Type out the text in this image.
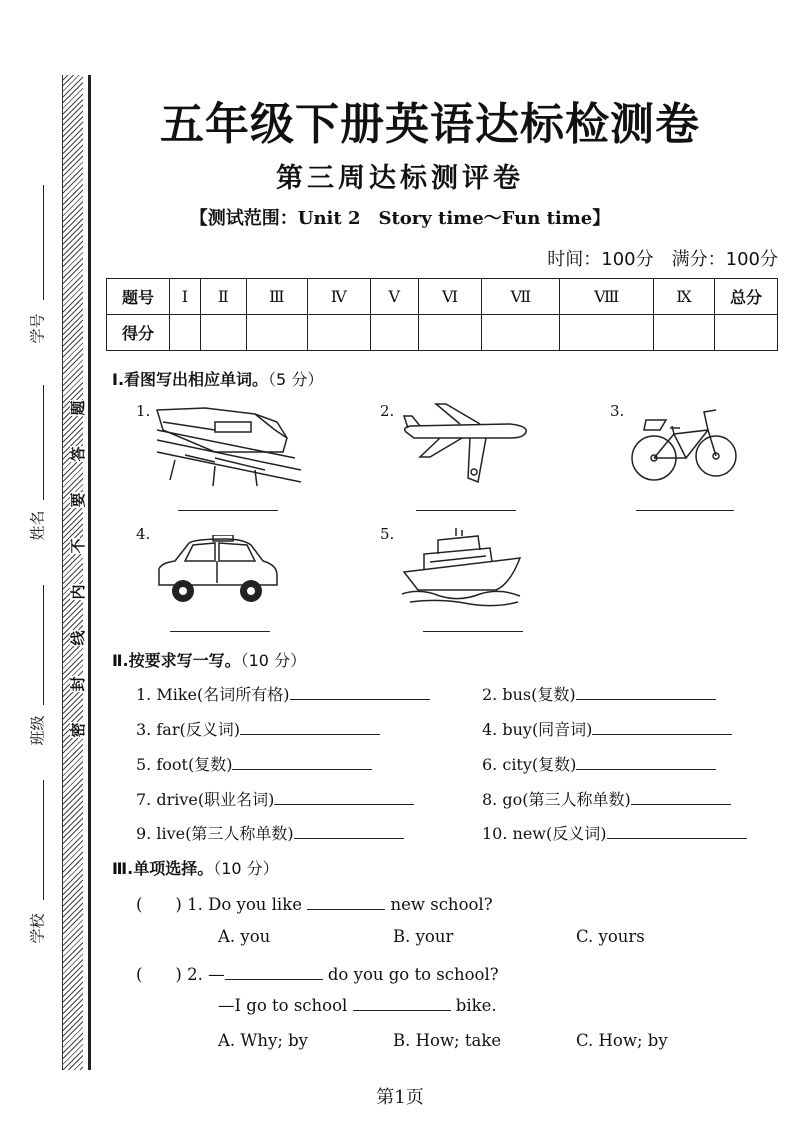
学号
姓名
班级
学校
题
答
要
不
内
线
封
密
五年级下册英语达标检测卷
第三周达标测评卷
【测试范围：Unit 2　Story time～Fun time】
时间：100分　满分：100分
题号	Ⅰ	Ⅱ	Ⅲ	Ⅳ	Ⅴ	Ⅵ	Ⅶ	Ⅷ	Ⅸ	总分
得分										
Ⅰ.看图写出相应单词。（5 分）
1.	2.	3.
4.	5.
Ⅱ.按要求写一写。（10 分）
1. Mike(名词所有格)	2. bus(复数)
3. far(反义词)	4. buy(同音词)
5. foot(复数)	6. city(复数)
7. drive(职业名词)	8. go(第三人称单数)
9. live(第三人称单数)	10. new(反义词)
Ⅲ.单项选择。（10 分）
(　　) 1. Do you like	new school?
A. you	B. your	C. yours
(　　) 2. —	do you go to school?
—I go to school	bike.
A. Why; by	B. How; take	C. How; by
第1页
